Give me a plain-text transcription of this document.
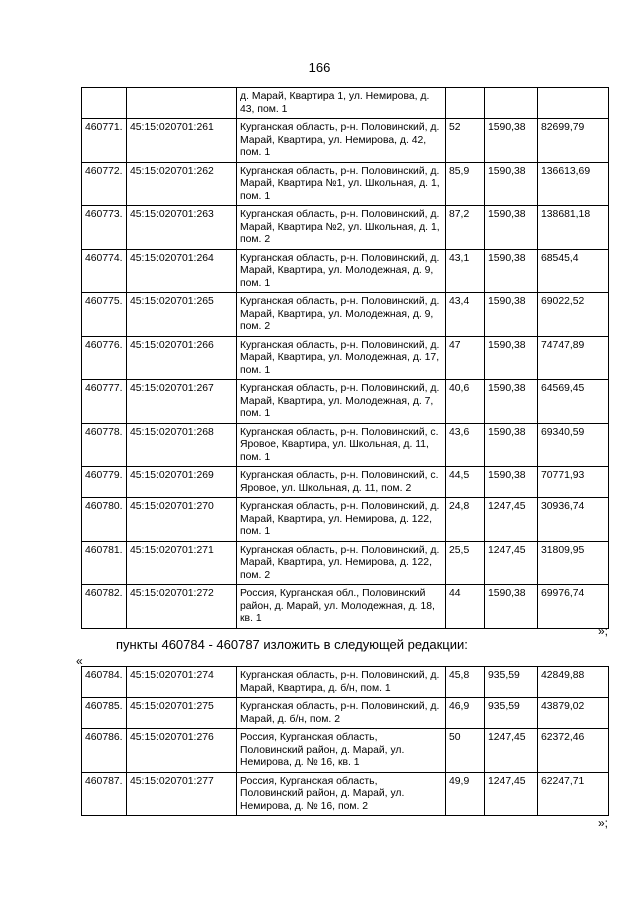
166
		д. Марай, Квартира 1, ул. Немирова, д. 43, пом. 1			
460771.	45:15:020701:261	Курганская область, р-н. Половинский, д. Марай, Квартира, ул. Немирова, д. 42, пом. 1	52	1590,38	82699,79
460772.	45:15:020701:262	Курганская область, р-н. Половинский, д. Марай, Квартира №1, ул. Школьная, д. 1, пом. 1	85,9	1590,38	136613,69
460773.	45:15:020701:263	Курганская область, р-н. Половинский, д. Марай, Квартира №2, ул. Школьная, д. 1, пом. 2	87,2	1590,38	138681,18
460774.	45:15:020701:264	Курганская область, р-н. Половинский, д. Марай, Квартира, ул. Молодежная, д. 9, пом. 1	43,1	1590,38	68545,4
460775.	45:15:020701:265	Курганская область, р-н. Половинский, д. Марай, Квартира, ул. Молодежная, д. 9, пом. 2	43,4	1590,38	69022,52
460776.	45:15:020701:266	Курганская область, р-н. Половинский, д. Марай, Квартира, ул. Молодежная, д. 17, пом. 1	47	1590,38	74747,89
460777.	45:15:020701:267	Курганская область, р-н. Половинский, д. Марай, Квартира, ул. Молодежная, д. 7, пом. 1	40,6	1590,38	64569,45
460778.	45:15:020701:268	Курганская область, р-н. Половинский, с. Яровое, Квартира, ул. Школьная, д. 11, пом. 1	43,6	1590,38	69340,59
460779.	45:15:020701:269	Курганская область, р-н. Половинский, с. Яровое, ул. Школьная, д. 11, пом. 2	44,5	1590,38	70771,93
460780.	45:15:020701:270	Курганская область, р-н. Половинский, д. Марай, Квартира, ул. Немирова, д. 122, пом. 1	24,8	1247,45	30936,74
460781.	45:15:020701:271	Курганская область, р-н. Половинский, д. Марай, Квартира, ул. Немирова, д. 122, пом. 2	25,5	1247,45	31809,95
460782.	45:15:020701:272	Россия, Курганская обл., Половинский район, д. Марай, ул. Молодежная, д. 18, кв. 1	44	1590,38	69976,74
»;
пункты 460784 - 460787 изложить в следующей редакции:
«
460784.	45:15:020701:274	Курганская область, р-н. Половинский, д. Марай, Квартира, д. б/н, пом. 1	45,8	935,59	42849,88
460785.	45:15:020701:275	Курганская область, р-н. Половинский, д. Марай, д. б/н, пом. 2	46,9	935,59	43879,02
460786.	45:15:020701:276	Россия, Курганская область, Половинский район, д. Марай, ул. Немирова, д. № 16, кв. 1	50	1247,45	62372,46
460787.	45:15:020701:277	Россия, Курганская область, Половинский район, д. Марай, ул. Немирова, д. № 16, пом. 2	49,9	1247,45	62247,71
»;
